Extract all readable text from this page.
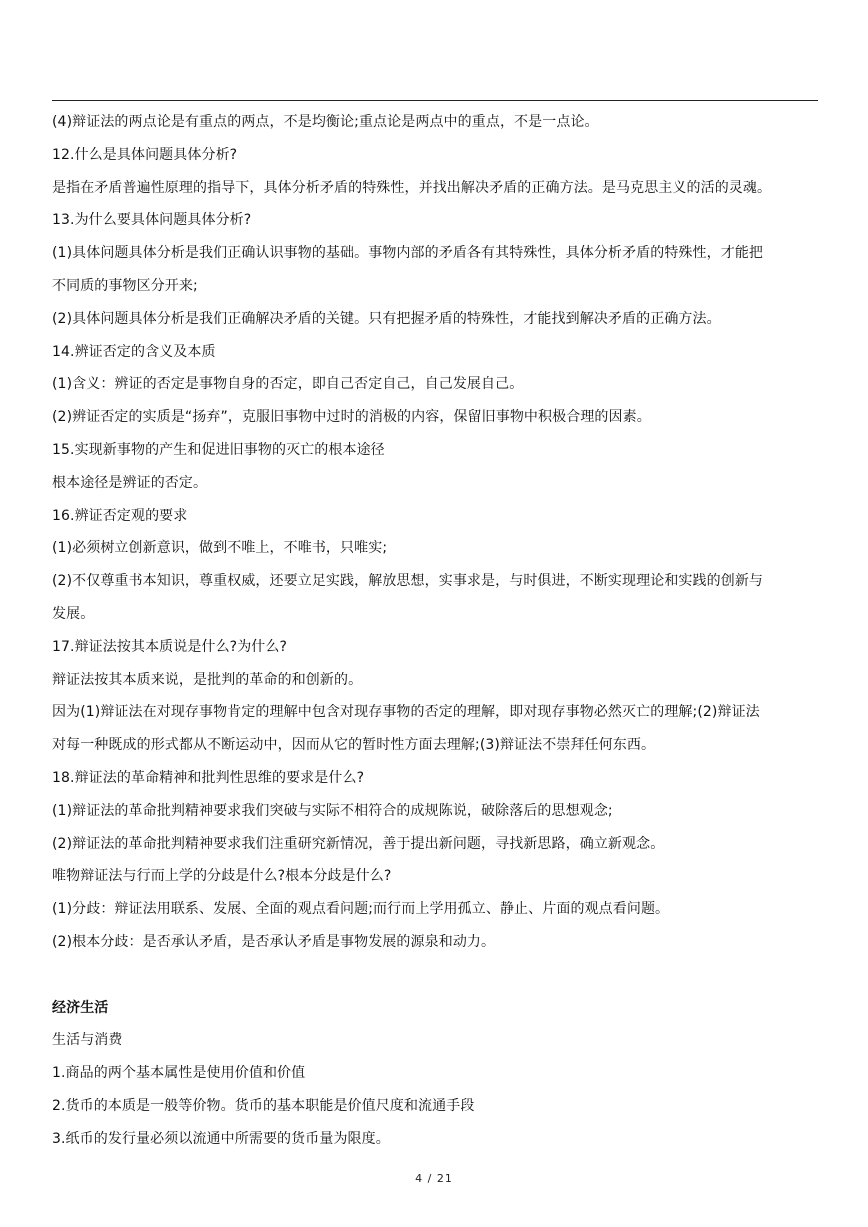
(4)辩证法的两点论是有重点的两点，不是均衡论;重点论是两点中的重点，不是一点论。
12.什么是具体问题具体分析?
是指在矛盾普遍性原理的指导下，具体分析矛盾的特殊性，并找出解决矛盾的正确方法。是马克思主义的活的灵魂。
13.为什么要具体问题具体分析?
(1)具体问题具体分析是我们正确认识事物的基础。事物内部的矛盾各有其特殊性，具体分析矛盾的特殊性，才能把
不同质的事物区分开来;
(2)具体问题具体分析是我们正确解决矛盾的关键。只有把握矛盾的特殊性，才能找到解决矛盾的正确方法。
14.辨证否定的含义及本质
(1)含义：辨证的否定是事物自身的否定，即自己否定自己，自己发展自己。
(2)辨证否定的实质是“扬弃”，克服旧事物中过时的消极的内容，保留旧事物中积极合理的因素。
15.实现新事物的产生和促进旧事物的灭亡的根本途径
根本途径是辨证的否定。
16.辨证否定观的要求
(1)必须树立创新意识，做到不唯上，不唯书，只唯实;
(2)不仅尊重书本知识，尊重权威，还要立足实践，解放思想，实事求是，与时俱进，不断实现理论和实践的创新与
发展。
17.辩证法按其本质说是什么?为什么?
辩证法按其本质来说，是批判的革命的和创新的。
因为(1)辩证法在对现存事物肯定的理解中包含对现存事物的否定的理解，即对现存事物必然灭亡的理解;(2)辩证法
对每一种既成的形式都从不断运动中，因而从它的暂时性方面去理解;(3)辩证法不崇拜任何东西。
18.辩证法的革命精神和批判性思维的要求是什么?
(1)辩证法的革命批判精神要求我们突破与实际不相符合的成规陈说，破除落后的思想观念;
(2)辩证法的革命批判精神要求我们注重研究新情况，善于提出新问题，寻找新思路，确立新观念。
唯物辩证法与行而上学的分歧是什么?根本分歧是什么?
(1)分歧：辩证法用联系、发展、全面的观点看问题;而行而上学用孤立、静止、片面的观点看问题。
(2)根本分歧：是否承认矛盾，是否承认矛盾是事物发展的源泉和动力。
经济生活
生活与消费
1.商品的两个基本属性是使用价值和价值
2.货币的本质是一般等价物。货币的基本职能是价值尺度和流通手段
3.纸币的发行量必须以流通中所需要的货币量为限度。
4 / 21
